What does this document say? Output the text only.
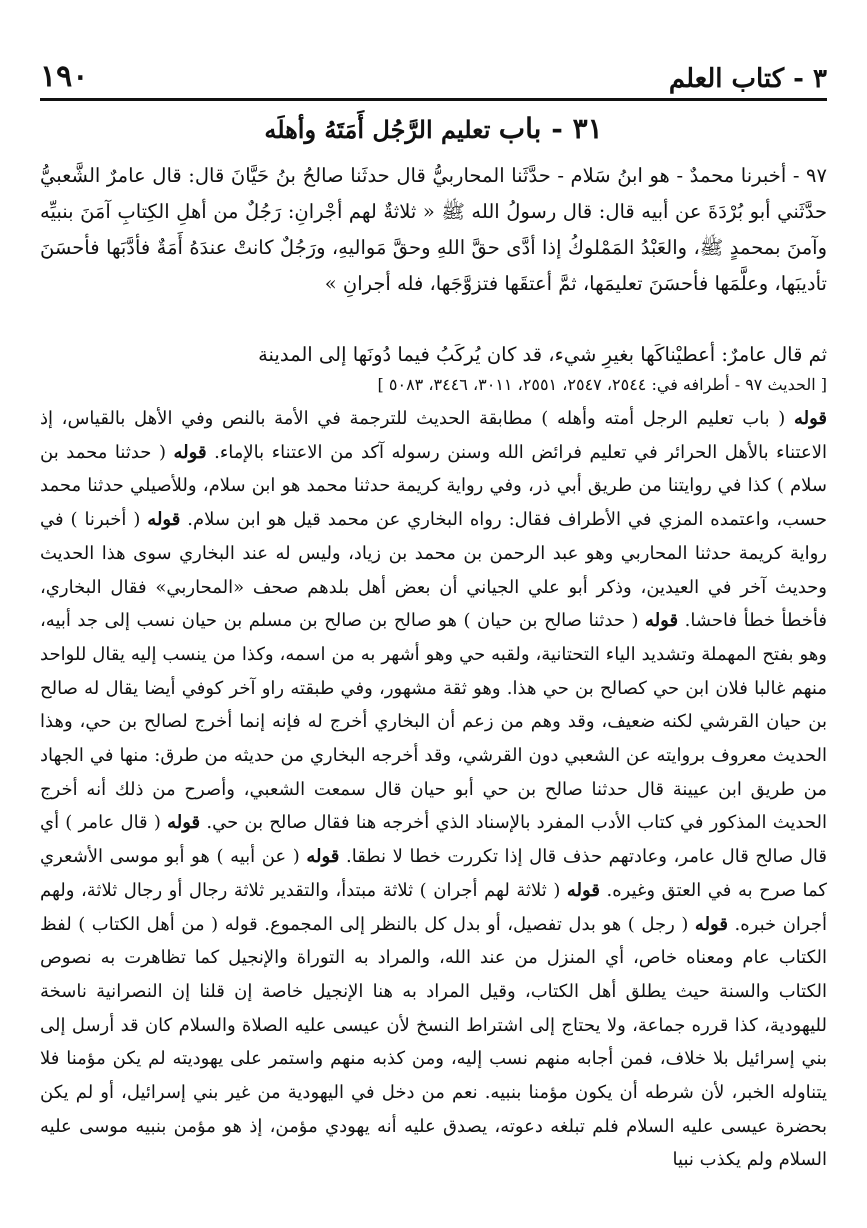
١٩٠	٣ - كتاب العلم
٣١ - باب تعليم الرَّجُل أَمَتَهُ وأهلَه

٩٧ - أخبرنا محمدٌ - هو ابنُ سَلام - حدَّثَنا المحاربيُّ قال حدثَنا صالحُ بنُ حَيَّانَ قال: قال عامرٌ الشَّعبيُّ حدَّثَني أبو بُرْدَةَ عن أبيه قال: قال رسولُ الله ﷺ « ثلاثةٌ لهم أجْرانِ: رَجُلٌ من أهلِ الكِتابِ آمَنَ بنبيِّه وآمنَ بمحمدٍ ﷺ، والعَبْدُ المَمْلوكُ إذا أدَّى حقَّ اللهِ وحقَّ مَواليهِ، ورَجُلٌ كانتْ عندَهُ أَمَةٌ فأدَّبَها فأحسَنَ تأديبَها، وعلَّمَها فأحسَنَ تعليمَها، ثمَّ أعتقَها فتزوَّجَها، فله أجرانِ »

ثم قال عامرٌ: أعطيْناكَها بغيرِ شيء، قد كان يُركَبُ فيما دُونَها إلى المدينة
[ الحديث ٩٧ - أطرافه في: ٢٥٤٤، ٢٥٤٧، ٢٥٥١، ٣٠١١، ٣٤٤٦، ٥٠٨٣ ]

قوله ( باب تعليم الرجل أمته وأهله ) مطابقة الحديث للترجمة في الأمة بالنص وفي الأهل بالقياس، إذ الاعتناء بالأهل الحرائر في تعليم فرائض الله وسنن رسوله آكد من الاعتناء بالإماء. قوله ( حدثنا محمد بن سلام ) كذا في روايتنا من طريق أبي ذر، وفي رواية كريمة حدثنا محمد هو ابن سلام، وللأصيلي حدثنا محمد حسب، واعتمده المزي في الأطراف فقال: رواه البخاري عن محمد قيل هو ابن سلام. قوله ( أخبرنا ) في رواية كريمة حدثنا المحاربي وهو عبد الرحمن بن محمد بن زياد، وليس له عند البخاري سوى هذا الحديث وحديث آخر في العيدين، وذكر أبو علي الجياني أن بعض أهل بلدهم صحف «المحاربي» فقال البخاري، فأخطأ خطأ فاحشا. قوله ( حدثنا صالح بن حيان ) هو صالح بن صالح بن مسلم بن حيان نسب إلى جد أبيه، وهو بفتح المهملة وتشديد الياء التحتانية، ولقبه حي وهو أشهر به من اسمه، وكذا من ينسب إليه يقال للواحد منهم غالبا فلان ابن حي كصالح بن حي هذا. وهو ثقة مشهور، وفي طبقته راو آخر كوفي أيضا يقال له صالح بن حيان القرشي لكنه ضعيف، وقد وهم من زعم أن البخاري أخرج له فإنه إنما أخرج لصالح بن حي، وهذا الحديث معروف بروايته عن الشعبي دون القرشي، وقد أخرجه البخاري من حديثه من طرق: منها في الجهاد من طريق ابن عيينة قال حدثنا صالح بن حي أبو حيان قال سمعت الشعبي، وأصرح من ذلك أنه أخرج الحديث المذكور في كتاب الأدب المفرد بالإسناد الذي أخرجه هنا فقال صالح بن حي. قوله ( قال عامر ) أي قال صالح قال عامر، وعادتهم حذف قال إذا تكررت خطا لا نطقا. قوله ( عن أبيه ) هو أبو موسى الأشعري كما صرح به في العتق وغيره. قوله ( ثلاثة لهم أجران ) ثلاثة مبتدأ، والتقدير ثلاثة رجال أو رجال ثلاثة، ولهم أجران خبره. قوله ( رجل ) هو بدل تفصيل، أو بدل كل بالنظر إلى المجموع. قوله ( من أهل الكتاب ) لفظ الكتاب عام ومعناه خاص، أي المنزل من عند الله، والمراد به التوراة والإنجيل كما تظاهرت به نصوص الكتاب والسنة حيث يطلق أهل الكتاب، وقيل المراد به هنا الإنجيل خاصة إن قلنا إن النصرانية ناسخة لليهودية، كذا قرره جماعة، ولا يحتاج إلى اشتراط النسخ لأن عيسى عليه الصلاة والسلام كان قد أرسل إلى بني إسرائيل بلا خلاف، فمن أجابه منهم نسب إليه، ومن كذبه منهم واستمر على يهوديته لم يكن مؤمنا فلا يتناوله الخبر، لأن شرطه أن يكون مؤمنا بنبيه. نعم من دخل في اليهودية من غير بني إسرائيل، أو لم يكن بحضرة عيسى عليه السلام فلم تبلغه دعوته، يصدق عليه أنه يهودي مؤمن، إذ هو مؤمن بنبيه موسى عليه السلام ولم يكذب نبيا
